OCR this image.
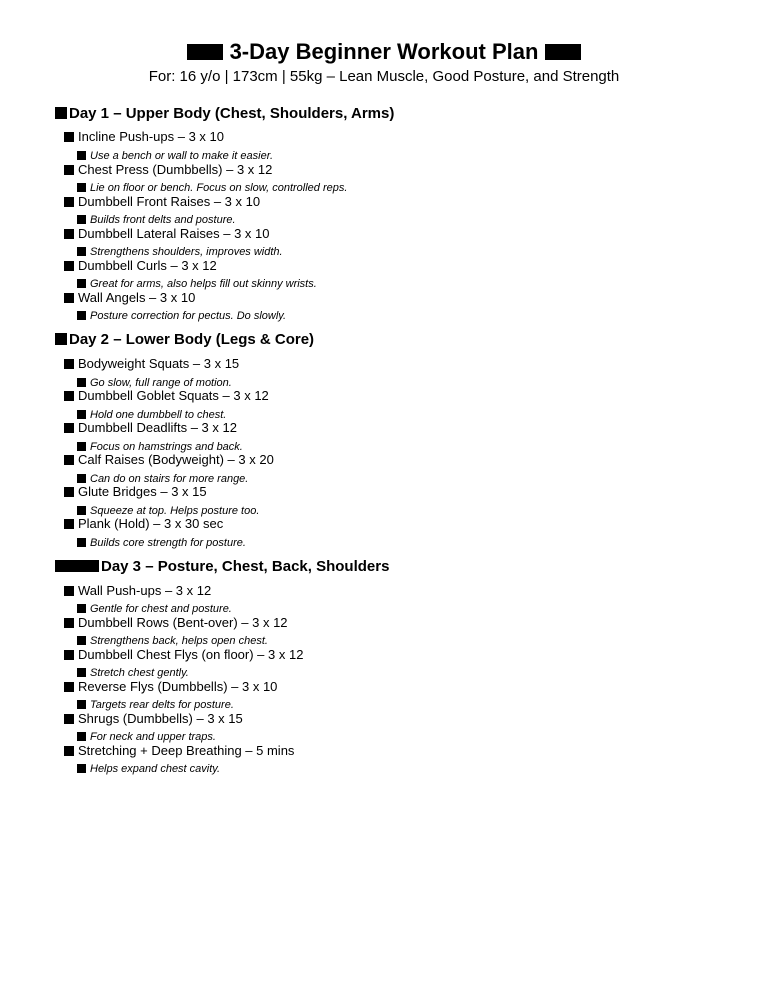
3-Day Beginner Workout Plan
For: 16 y/o | 173cm | 55kg – Lean Muscle, Good Posture, and Strength
Day 1 – Upper Body (Chest, Shoulders, Arms)
Incline Push-ups – 3 x 10
Use a bench or wall to make it easier.
Chest Press (Dumbbells) – 3 x 12
Lie on floor or bench. Focus on slow, controlled reps.
Dumbbell Front Raises – 3 x 10
Builds front delts and posture.
Dumbbell Lateral Raises – 3 x 10
Strengthens shoulders, improves width.
Dumbbell Curls – 3 x 12
Great for arms, also helps fill out skinny wrists.
Wall Angels – 3 x 10
Posture correction for pectus. Do slowly.
Day 2 – Lower Body (Legs & Core)
Bodyweight Squats – 3 x 15
Go slow, full range of motion.
Dumbbell Goblet Squats – 3 x 12
Hold one dumbbell to chest.
Dumbbell Deadlifts – 3 x 12
Focus on hamstrings and back.
Calf Raises (Bodyweight) – 3 x 20
Can do on stairs for more range.
Glute Bridges – 3 x 15
Squeeze at top. Helps posture too.
Plank (Hold) – 3 x 30 sec
Builds core strength for posture.
Day 3 – Posture, Chest, Back, Shoulders
Wall Push-ups – 3 x 12
Gentle for chest and posture.
Dumbbell Rows (Bent-over) – 3 x 12
Strengthens back, helps open chest.
Dumbbell Chest Flys (on floor) – 3 x 12
Stretch chest gently.
Reverse Flys (Dumbbells) – 3 x 10
Targets rear delts for posture.
Shrugs (Dumbbells) – 3 x 15
For neck and upper traps.
Stretching + Deep Breathing – 5 mins
Helps expand chest cavity.
